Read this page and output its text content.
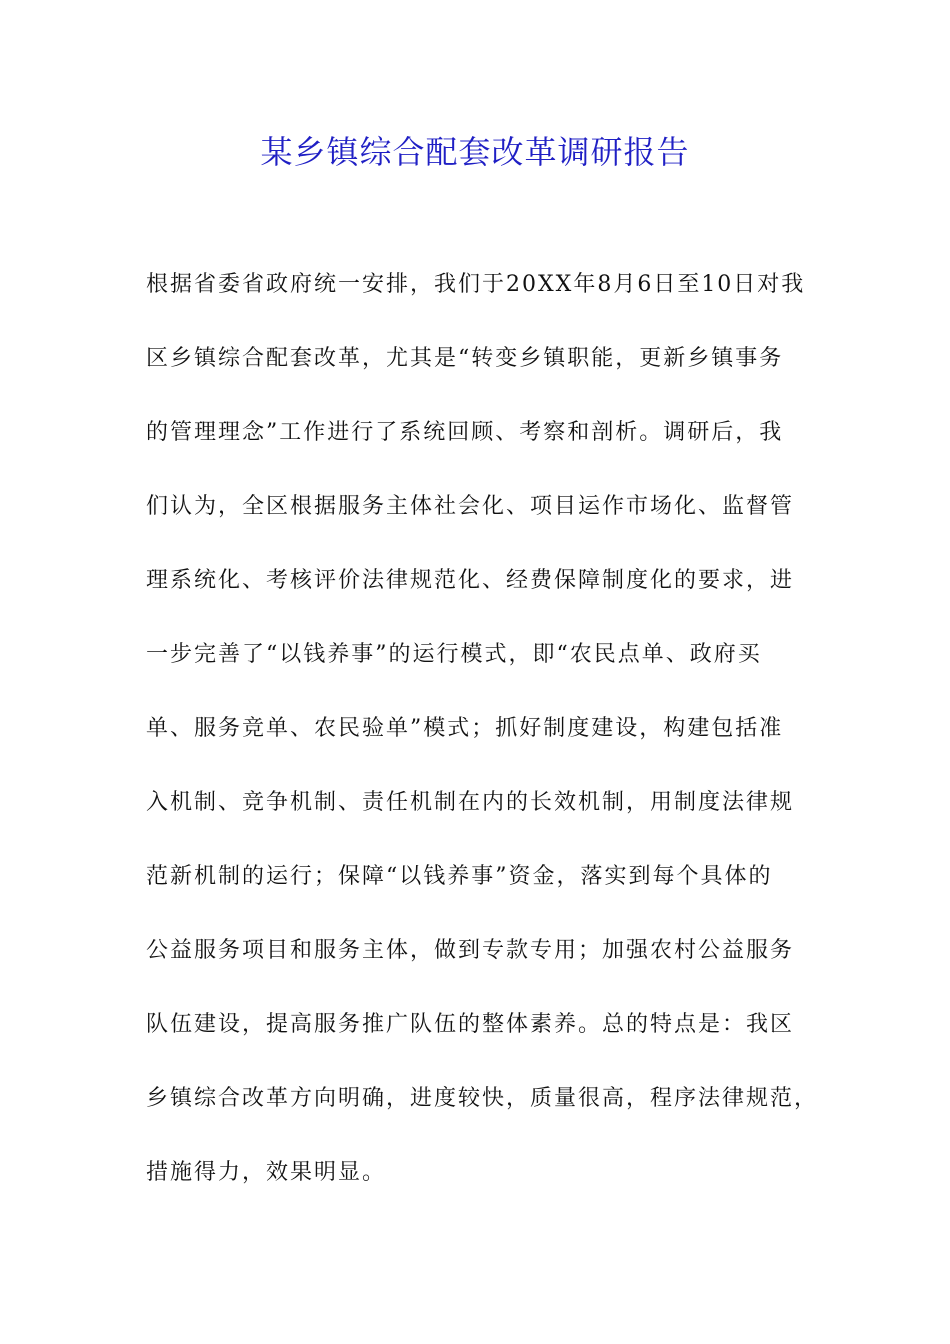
某乡镇综合配套改革调研报告
根据省委省政府统一安排，我们于20XX年8月6日至10日对我
区乡镇综合配套改革，尤其是“转变乡镇职能，更新乡镇事务
的管理理念”工作进行了系统回顾、考察和剖析。调研后，我
们认为，全区根据服务主体社会化、项目运作市场化、监督管
理系统化、考核评价法律规范化、经费保障制度化的要求，进
一步完善了“以钱养事”的运行模式，即“农民点单、政府买
单、服务竞单、农民验单”模式；抓好制度建设，构建包括准
入机制、竞争机制、责任机制在内的长效机制，用制度法律规
范新机制的运行；保障“以钱养事”资金，落实到每个具体的
公益服务项目和服务主体，做到专款专用；加强农村公益服务
队伍建设，提高服务推广队伍的整体素养。总的特点是：我区
乡镇综合改革方向明确，进度较快，质量很高，程序法律规范，
措施得力，效果明显。
